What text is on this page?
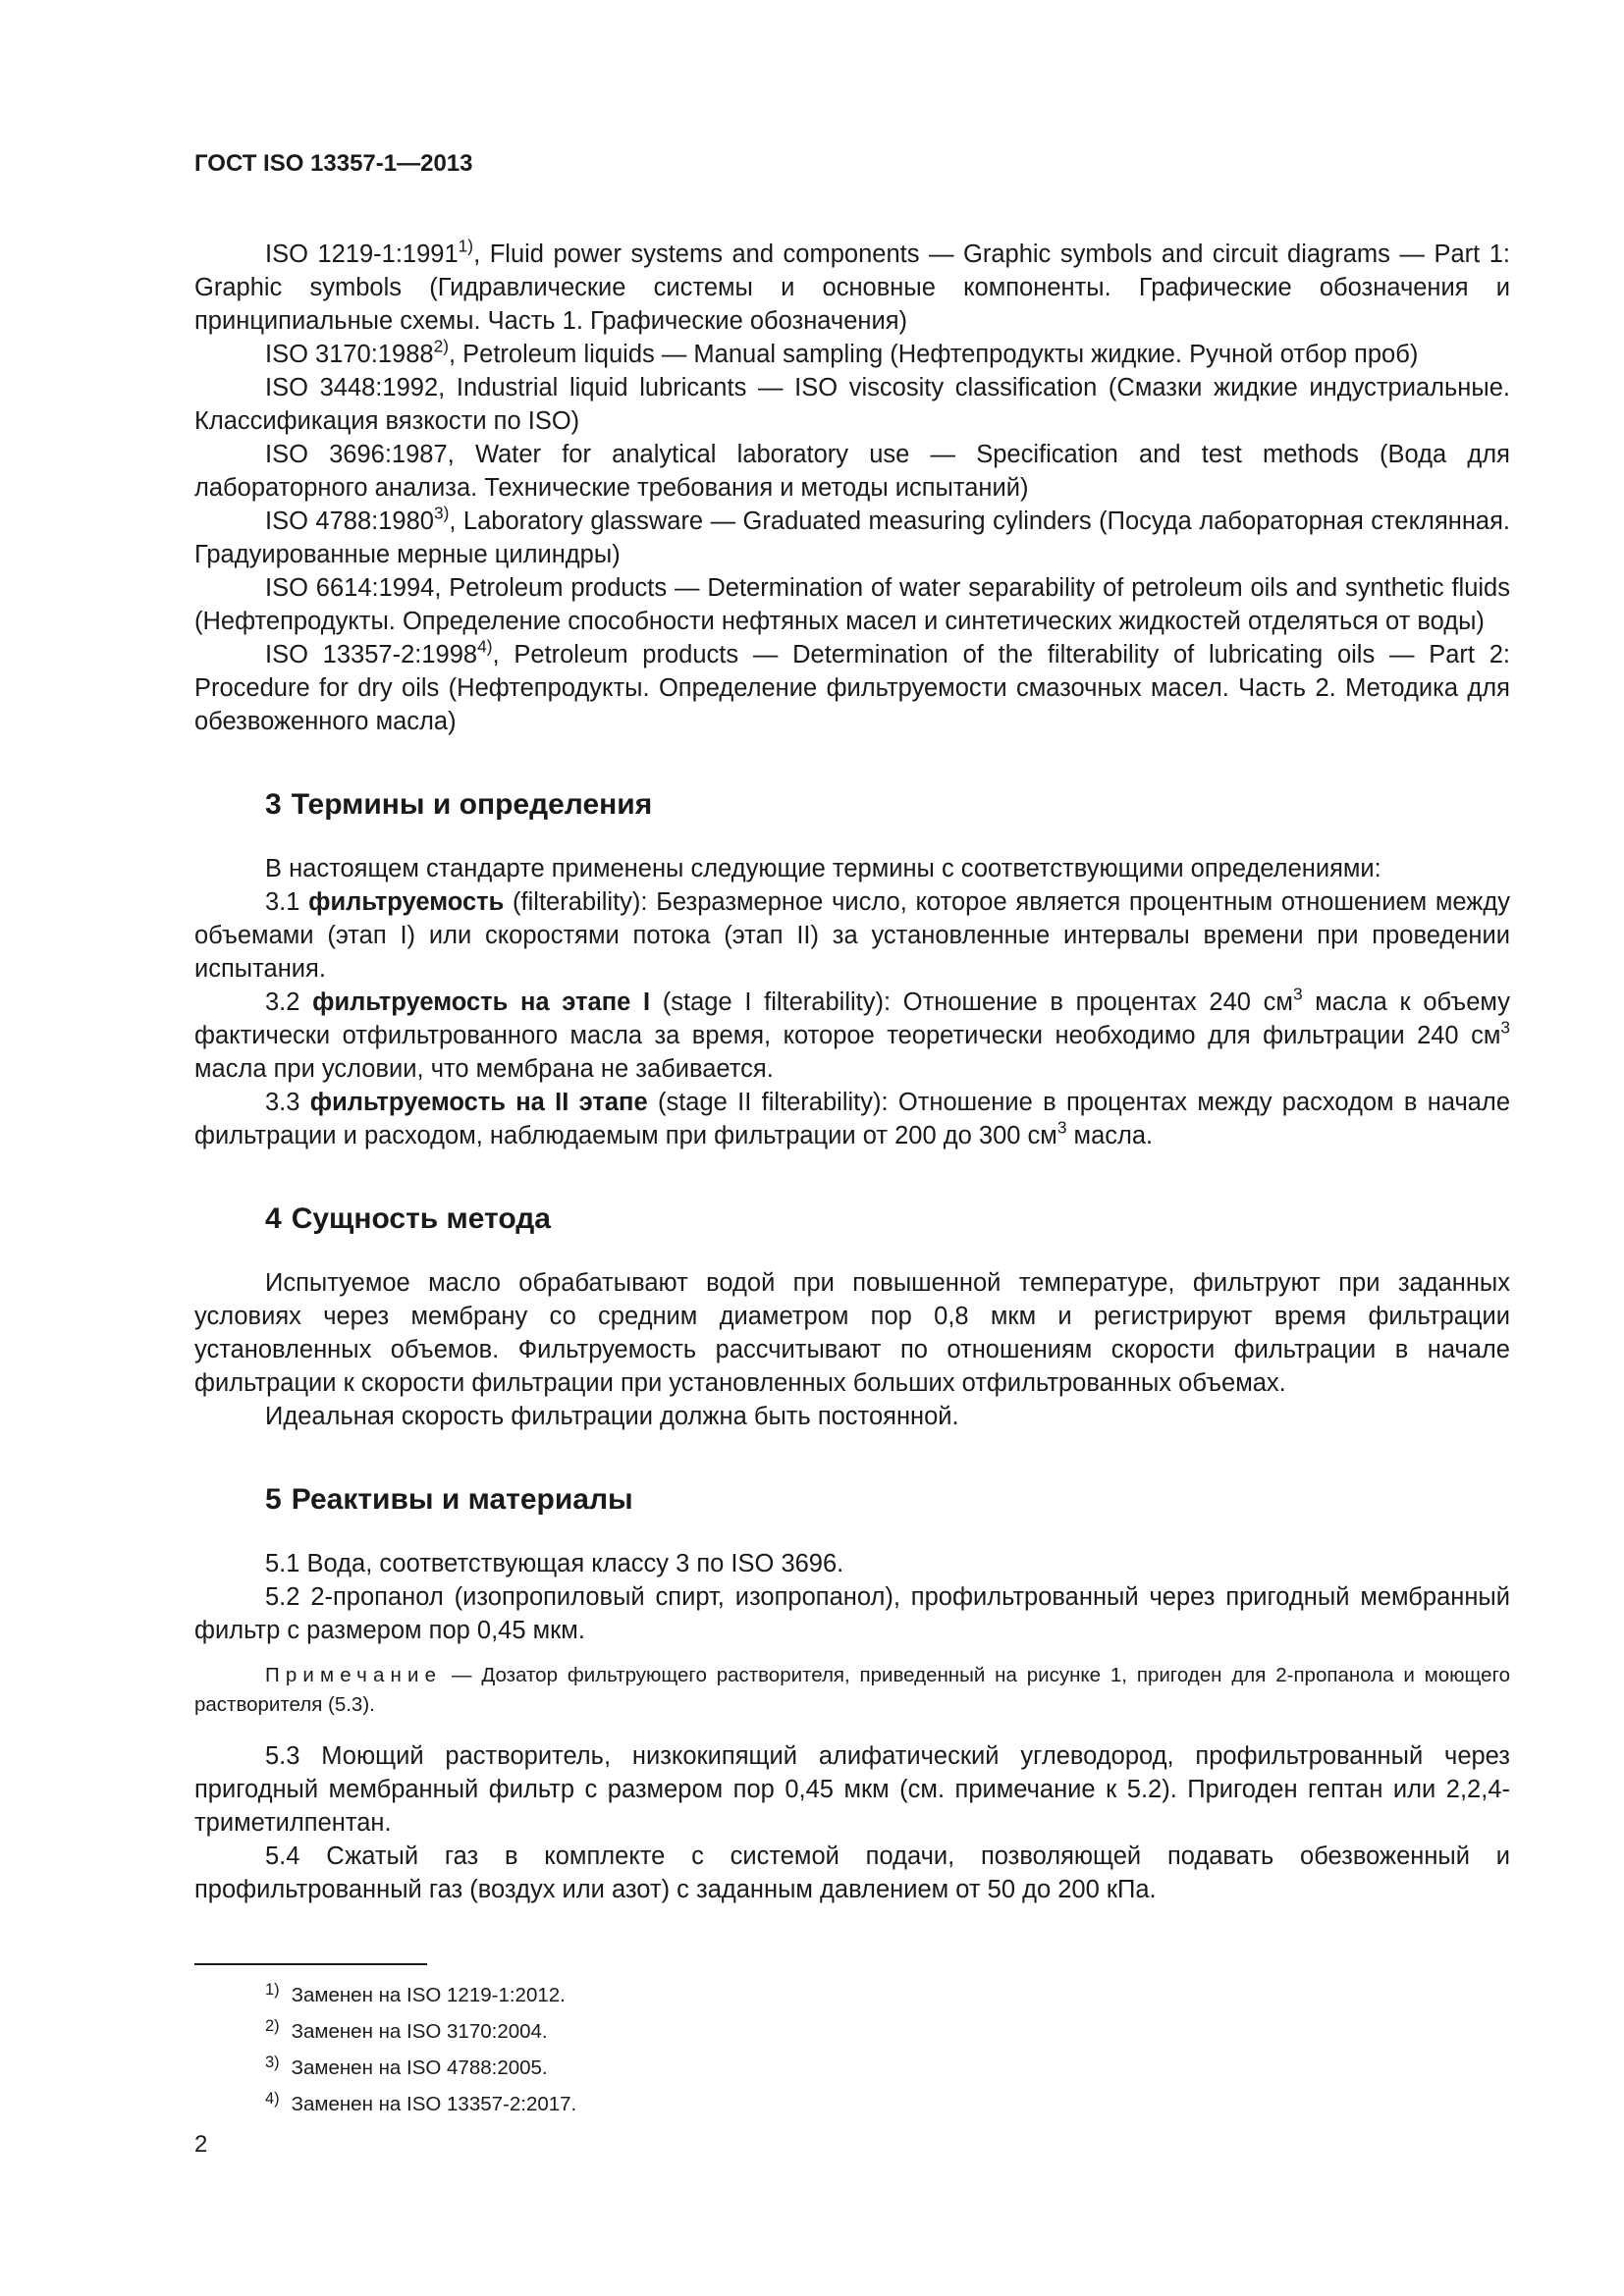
ГОСТ ISO 13357-1—2013

ISO 1219-1:1991$^{1)}$, Fluid power systems and components — Graphic symbols and circuit diagrams — Part 1: Graphic symbols (Гидравлические системы и основные компоненты. Графические обозначения и принципиальные схемы. Часть 1. Графические обозначения)

ISO 3170:1988$^{2)}$, Petroleum liquids — Manual sampling (Нефтепродукты жидкие. Ручной отбор проб)

ISO 3448:1992, Industrial liquid lubricants — ISO viscosity classification (Смазки жидкие индустриальные. Классификация вязкости по ISO)

ISO 3696:1987, Water for analytical laboratory use — Specification and test methods (Вода для лабораторного анализа. Технические требования и методы испытаний)

ISO 4788:1980$^{3)}$, Laboratory glassware — Graduated measuring cylinders (Посуда лабораторная стеклянная. Градуированные мерные цилиндры)

ISO 6614:1994, Petroleum products — Determination of water separability of petroleum oils and synthetic fluids (Нефтепродукты. Определение способности нефтяных масел и синтетических жидкостей отделяться от воды)

ISO 13357-2:1998$^{4)}$, Petroleum products — Determination of the filterability of lubricating oils — Part 2: Procedure for dry oils (Нефтепродукты. Определение фильтруемости смазочных масел. Часть 2. Методика для обезвоженного масла)

3 Термины и определения

В настоящем стандарте применены следующие термины с соответствующими определениями:

3.1 фильтруемость (filterability): Безразмерное число, которое является процентным отношением между объемами (этап I) или скоростями потока (этап II) за установленные интервалы времени при проведении испытания.

3.2 фильтруемость на этапе I (stage I filterability): Отношение в процентах 240 $см^3$ масла к объему фактически отфильтрованного масла за время, которое теоретически необходимо для фильтрации 240 $см^3$ масла при условии, что мембрана не забивается.

3.3 фильтруемость на II этапе (stage II filterability): Отношение в процентах между расходом в начале фильтрации и расходом, наблюдаемым при фильтрации от 200 до 300 $см^3$ масла.

4 Сущность метода

Испытуемое масло обрабатывают водой при повышенной температуре, фильтруют при заданных условиях через мембрану со средним диаметром пор 0,8 мкм и регистрируют время фильтрации установленных объемов. Фильтруемость рассчитывают по отношениям скорости фильтрации в начале фильтрации к скорости фильтрации при установленных больших отфильтрованных объемах.

Идеальная скорость фильтрации должна быть постоянной.

5 Реактивы и материалы

5.1 Вода, соответствующая классу 3 по ISO 3696.

5.2 2-пропанол (изопропиловый спирт, изопропанол), профильтрованный через пригодный мембранный фильтр с размером пор 0,45 мкм.

Примечание — Дозатор фильтрующего растворителя, приведенный на рисунке 1, пригоден для 2-пропанола и моющего растворителя (5.3).

5.3 Моющий растворитель, низкокипящий алифатический углеводород, профильтрованный через пригодный мембранный фильтр с размером пор 0,45 мкм (см. примечание к 5.2). Пригоден гептан или 2,2,4-триметилпентан.

5.4 Сжатый газ в комплекте с системой подачи, позволяющей подавать обезвоженный и профильтрованный газ (воздух или азот) с заданным давлением от 50 до 200 кПа.

$^{1)}$ Заменен на ISO 1219-1:2012.
$^{2)}$ Заменен на ISO 3170:2004.
$^{3)}$ Заменен на ISO 4788:2005.
$^{4)}$ Заменен на ISO 13357-2:2017.
2
